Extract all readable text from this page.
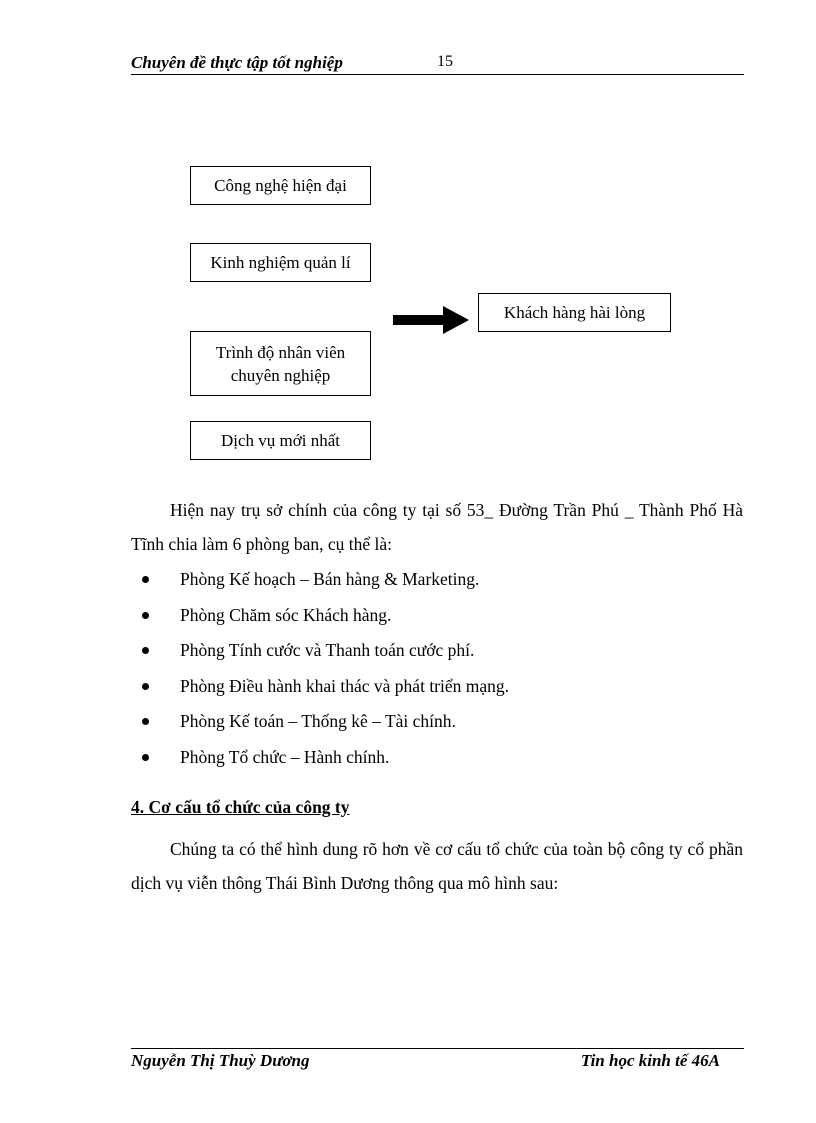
Chuyên đề thực tập tốt nghiệp	15
Công nghệ hiện đại
Kinh nghiệm quản lí
Trình độ nhân viên chuyên nghiệp
Dịch vụ mới nhất
Khách hàng hài lòng

Hiện nay trụ sở chính của công ty tại số 53_ Đường Trần Phú _ Thành Phố Hà Tĩnh chia làm 6 phòng ban, cụ thể là:

Phòng Kế hoạch – Bán hàng & Marketing.
Phòng Chăm sóc Khách hàng.
Phòng Tính cước và Thanh toán cước phí.
Phòng Điều hành khai thác và phát triển mạng.
Phòng Kế toán – Thống kê – Tài chính.
Phòng Tổ chức – Hành chính.
4. Cơ cấu tổ chức của công ty

Chúng ta có thể hình dung rõ hơn về cơ cấu tổ chức của toàn bộ công ty cổ phần dịch vụ viễn thông Thái Bình Dương thông qua mô hình sau:

Nguyễn Thị Thuỳ Dương	Tin học kinh tế 46A
